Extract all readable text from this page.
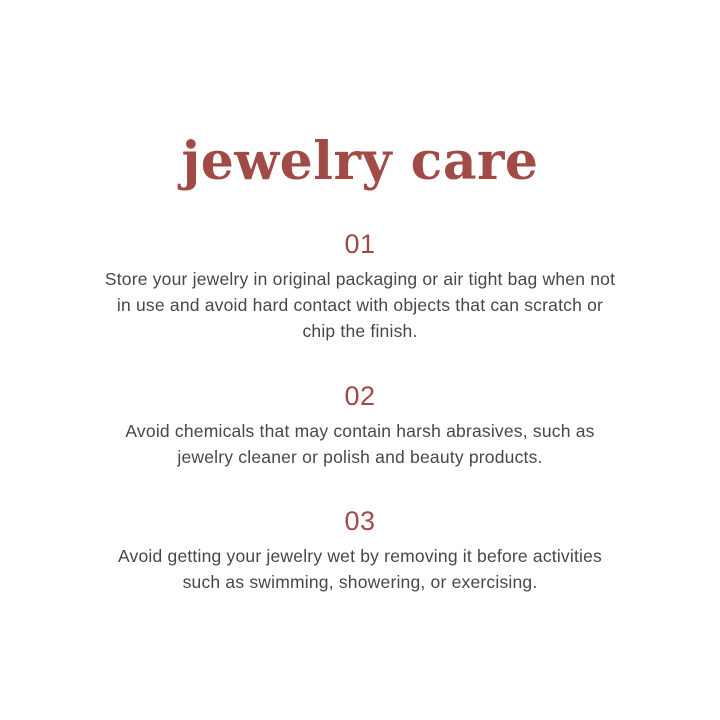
jewelry care
01
Store your jewelry in original packaging or air tight bag when not in use and avoid hard contact with objects that can scratch or chip the finish.
02
Avoid chemicals that may contain harsh abrasives, such as jewelry cleaner or polish and beauty products.
03
Avoid getting your jewelry wet by removing it before activities such as swimming, showering, or exercising.
